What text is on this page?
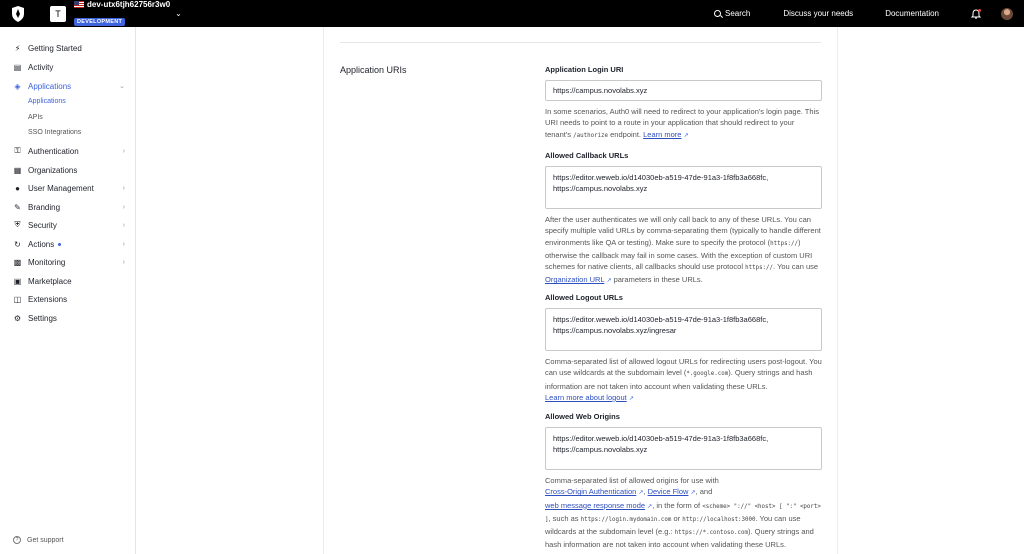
T
dev-utx6tjh62756r3w0
DEVELOPMENT
⌄	Search	Discuss your needs	Documentation
⚡︎ Getting Started
▤ Activity
◈ Applications	⌄
Applications
APIs
SSO Integrations
⚿ Authentication	›
▦ Organizations
● User Management	›
✎ Branding	›
⛨ Security	›
↻ Actions	›
▩ Monitoring	›
▣ Marketplace
◫ Extensions
⚙︎ Settings
?	Get support
Application URIs	Application Login URI
https://campus.novolabs.xyz
In some scenarios, Auth0 will need to redirect to your application's login page. This URI needs to point to a route in your application that should redirect to your tenant's /authorize endpoint. Learn more ↗
Allowed Callback URLs
https://editor.weweb.io/d14030eb-a519-47de-91a3-1f8fb3a668fc,
https://campus.novolabs.xyz
After the user authenticates we will only call back to any of these URLs. You can specify multiple valid URLs by comma-separating them (typically to handle different environments like QA or testing). Make sure to specify the protocol (https://) otherwise the callback may fail in some cases. With the exception of custom URI schemes for native clients, all callbacks should use protocol https://. You can use Organization URL ↗ parameters in these URLs.
Allowed Logout URLs
https://editor.weweb.io/d14030eb-a519-47de-91a3-1f8fb3a668fc,
https://campus.novolabs.xyz/ingresar
Comma-separated list of allowed logout URLs for redirecting users post-logout. You can use wildcards at the subdomain level (*.google.com). Query strings and hash information are not taken into account when validating these URLs.
Learn more about logout ↗
Allowed Web Origins
https://editor.weweb.io/d14030eb-a519-47de-91a3-1f8fb3a668fc,
https://campus.novolabs.xyz
Comma-separated list of allowed origins for use with
Cross-Origin Authentication ↗, Device Flow ↗, and
web message response mode ↗, in the form of <scheme> "://" <host> [ ":" <port> ], such as https://login.mydomain.com or http://localhost:3000. You can use wildcards at the subdomain level (e.g.: https://*.contoso.com). Query strings and hash information are not taken into account when validating these URLs.
